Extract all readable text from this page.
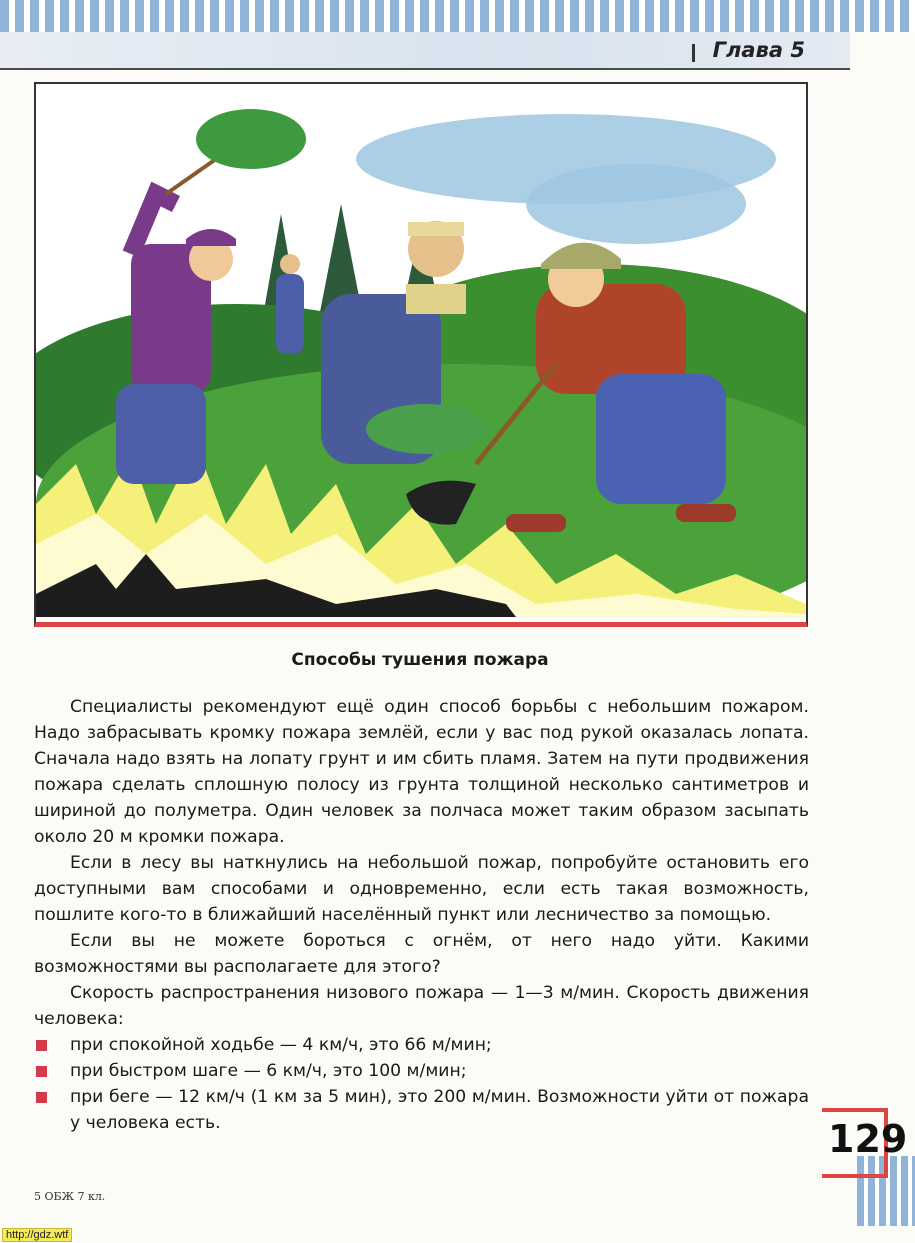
Глава 5
Способы тушения пожара

Специалисты рекомендуют ещё один способ борьбы с небольшим пожаром. Надо забрасывать кромку пожара землёй, если у вас под рукой оказалась лопата. Сначала надо взять на лопату грунт и им сбить пламя. Затем на пути продвижения пожара сделать сплошную полосу из грунта толщиной несколько сантиметров и шириной до полуметра. Один человек за полчаса может таким образом засыпать около 20 м кромки пожара.

Если в лесу вы наткнулись на небольшой пожар, попробуйте остановить его доступными вам способами и одновременно, если есть такая возможность, пошлите кого-то в ближайший населённый пункт или лесничество за помощью.

Если вы не можете бороться с огнём, от него надо уйти. Какими возможностями вы располагаете для этого?

Скорость распространения низового пожара — 1—3 м/мин. Скорость движения человека:

при спокойной ходьбе — 4 км/ч, это 66 м/мин;
при быстром шаге — 6 км/ч, это 100 м/мин;
при беге — 12 км/ч (1 км за 5 мин), это 200 м/мин. Возможности уйти от пожара у человека есть.
5 ОБЖ 7 кл.
129
http://gdz.wtf
